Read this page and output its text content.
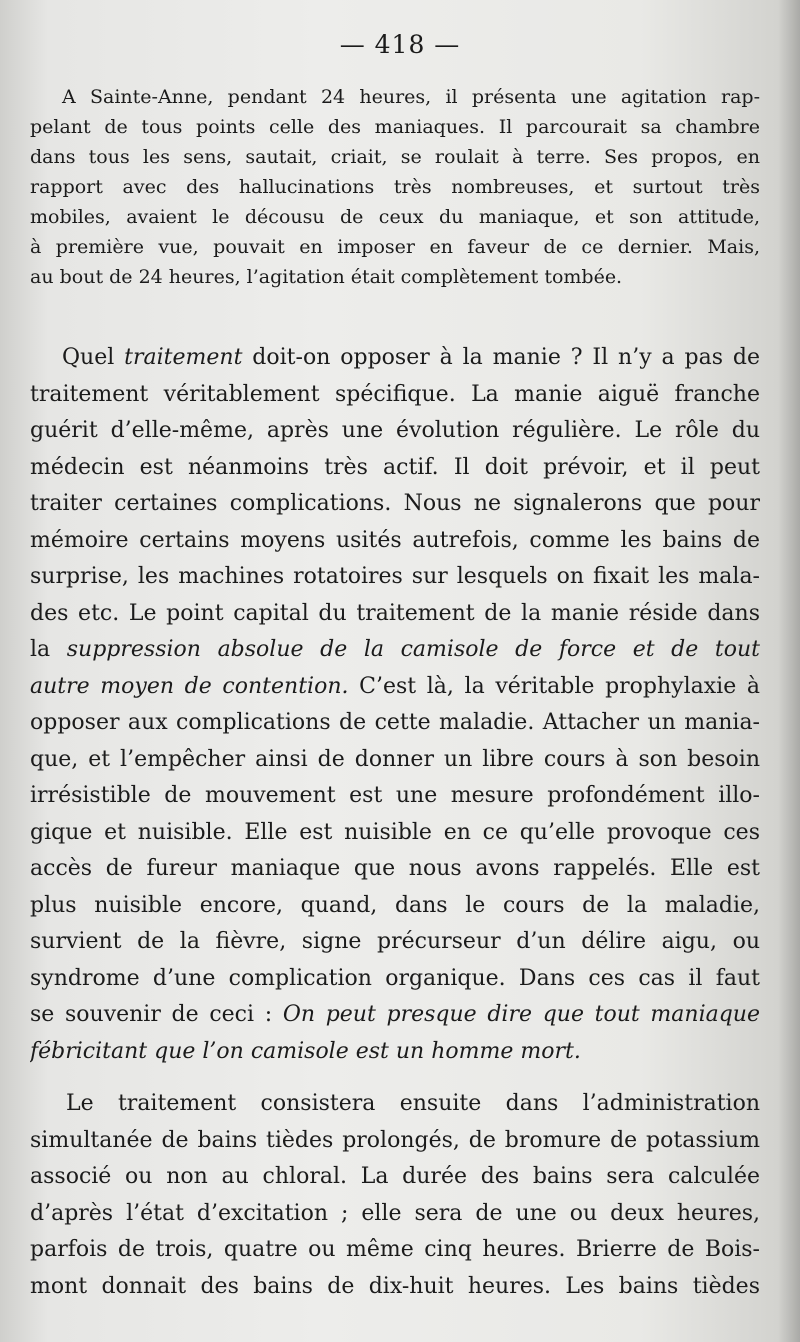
— 418 —
A Sainte-Anne, pendant 24 heures, il présenta une agitation rap-
pelant de tous points celle des maniaques. Il parcourait sa chambre
dans tous les sens, sautait, criait, se roulait à terre. Ses propos, en
rapport avec des hallucinations très nombreuses, et surtout très
mobiles, avaient le décousu de ceux du maniaque, et son attitude,
à première vue, pouvait en imposer en faveur de ce dernier. Mais,
au bout de 24 heures, l’agitation était complètement tombée.
Quel traitement doit-on opposer à la manie ? Il n’y a pas de
traitement véritablement spécifique. La manie aiguë franche
guérit d’elle-même, après une évolution régulière. Le rôle du
médecin est néanmoins très actif. Il doit prévoir, et il peut
traiter certaines complications. Nous ne signalerons que pour
mémoire certains moyens usités autrefois, comme les bains de
surprise, les machines rotatoires sur lesquels on fixait les mala-
des etc. Le point capital du traitement de la manie réside dans
la suppression absolue de la camisole de force et de tout
autre moyen de contention. C’est là, la véritable prophylaxie à
opposer aux complications de cette maladie. Attacher un mania-
que, et l’empêcher ainsi de donner un libre cours à son besoin
irrésistible de mouvement est une mesure profondément illo-
gique et nuisible. Elle est nuisible en ce qu’elle provoque ces
accès de fureur maniaque que nous avons rappelés. Elle est
plus nuisible encore, quand, dans le cours de la maladie,
survient de la fièvre, signe précurseur d’un délire aigu, ou
syndrome d’une complication organique. Dans ces cas il faut
se souvenir de ceci : On peut presque dire que tout maniaque
fébricitant que l’on camisole est un homme mort.
Le traitement consistera ensuite dans l’administration
simultanée de bains tièdes prolongés, de bromure de potassium
associé ou non au chloral. La durée des bains sera calculée
d’après l’état d’excitation ; elle sera de une ou deux heures,
parfois de trois, quatre ou même cinq heures. Brierre de Bois-
mont donnait des bains de dix-huit heures. Les bains tièdes
